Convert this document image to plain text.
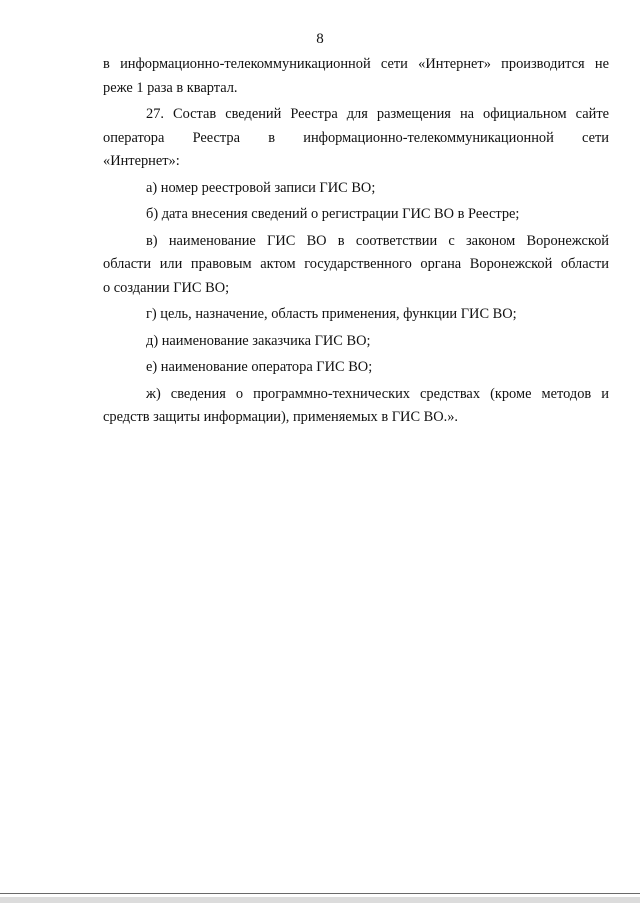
8
в информационно-телекоммуникационной сети «Интернет» производится не
реже 1 раза в квартал.
27. Состав сведений Реестра для размещения на официальном сайте
оператора Реестра в информационно-телекоммуникационной сети
«Интернет»:
а) номер реестровой записи ГИС ВО;
б) дата внесения сведений о регистрации ГИС ВО в Реестре;
в) наименование ГИС ВО в соответствии с законом Воронежской
области или правовым актом государственного органа Воронежской области
о создании ГИС ВО;
г) цель, назначение, область применения, функции ГИС ВО;
д) наименование заказчика ГИС ВО;
е) наименование оператора ГИС ВО;
ж) сведения о программно-технических средствах (кроме методов и
средств защиты информации), применяемых в ГИС ВО.».
